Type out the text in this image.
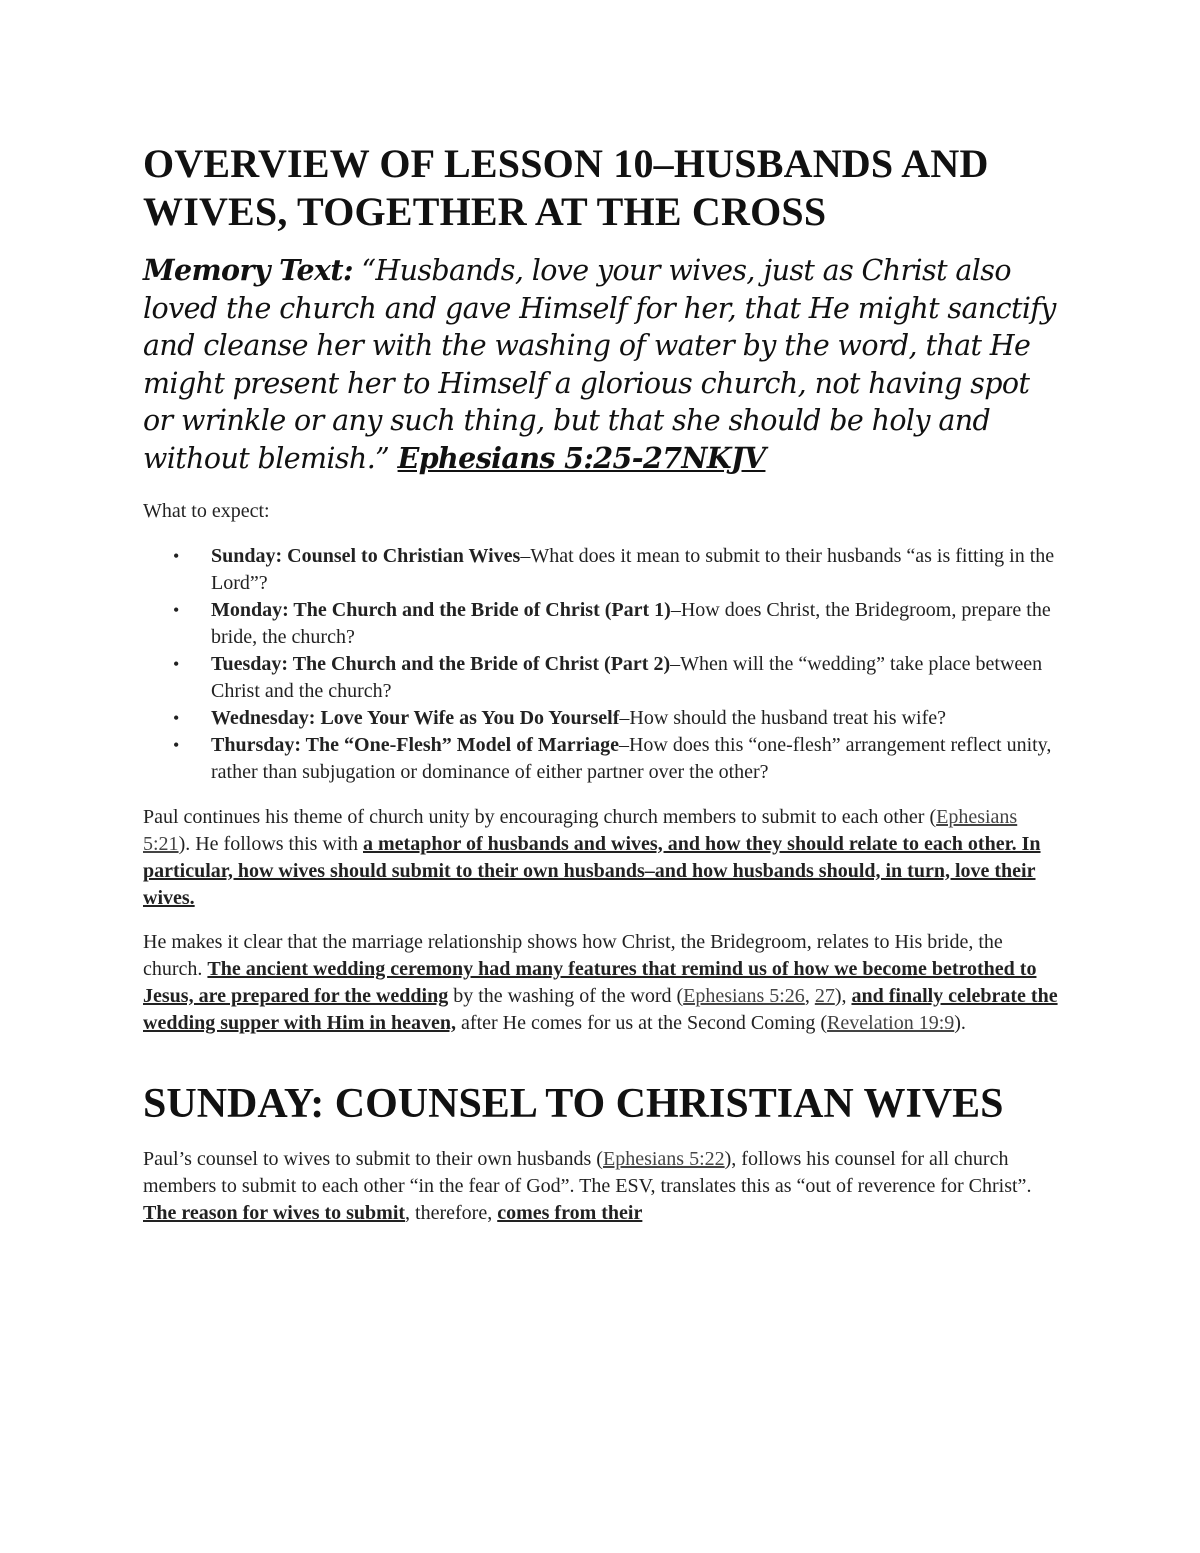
OVERVIEW OF LESSON 10–HUSBANDS AND WIVES, TOGETHER AT THE CROSS
Memory Text: “Husbands, love your wives, just as Christ also loved the church and gave Himself for her, that He might sanctify and cleanse her with the washing of water by the word, that He might present her to Himself a glorious church, not having spot or wrinkle or any such thing, but that she should be holy and without blemish.” Ephesians 5:25-27NKJV
What to expect:
• Sunday: Counsel to Christian Wives–What does it mean to submit to their husbands “as is fitting in the Lord”?
• Monday: The Church and the Bride of Christ (Part 1)–How does Christ, the Bridegroom, prepare the bride, the church?
• Tuesday: The Church and the Bride of Christ (Part 2)–When will the “wedding” take place between Christ and the church?
• Wednesday: Love Your Wife as You Do Yourself–How should the husband treat his wife?
• Thursday: The “One-Flesh” Model of Marriage–How does this “one-flesh” arrangement reflect unity, rather than subjugation or dominance of either partner over the other?

Paul continues his theme of church unity by encouraging church members to submit to each other (Ephesians 5:21). He follows this with a metaphor of husbands and wives, and how they should relate to each other. In particular, how wives should submit to their own husbands–and how husbands should, in turn, love their wives.

He makes it clear that the marriage relationship shows how Christ, the Bridegroom, relates to His bride, the church. The ancient wedding ceremony had many features that remind us of how we become betrothed to Jesus, are prepared for the wedding by the washing of the word (Ephesians 5:26, 27), and finally celebrate the wedding supper with Him in heaven, after He comes for us at the Second Coming (Revelation 19:9).

SUNDAY: COUNSEL TO CHRISTIAN WIVES

Paul’s counsel to wives to submit to their own husbands (Ephesians 5:22), follows his counsel for all church members to submit to each other “in the fear of God”. The ESV, translates this as “out of reverence for Christ”. The reason for wives to submit, therefore, comes from their
